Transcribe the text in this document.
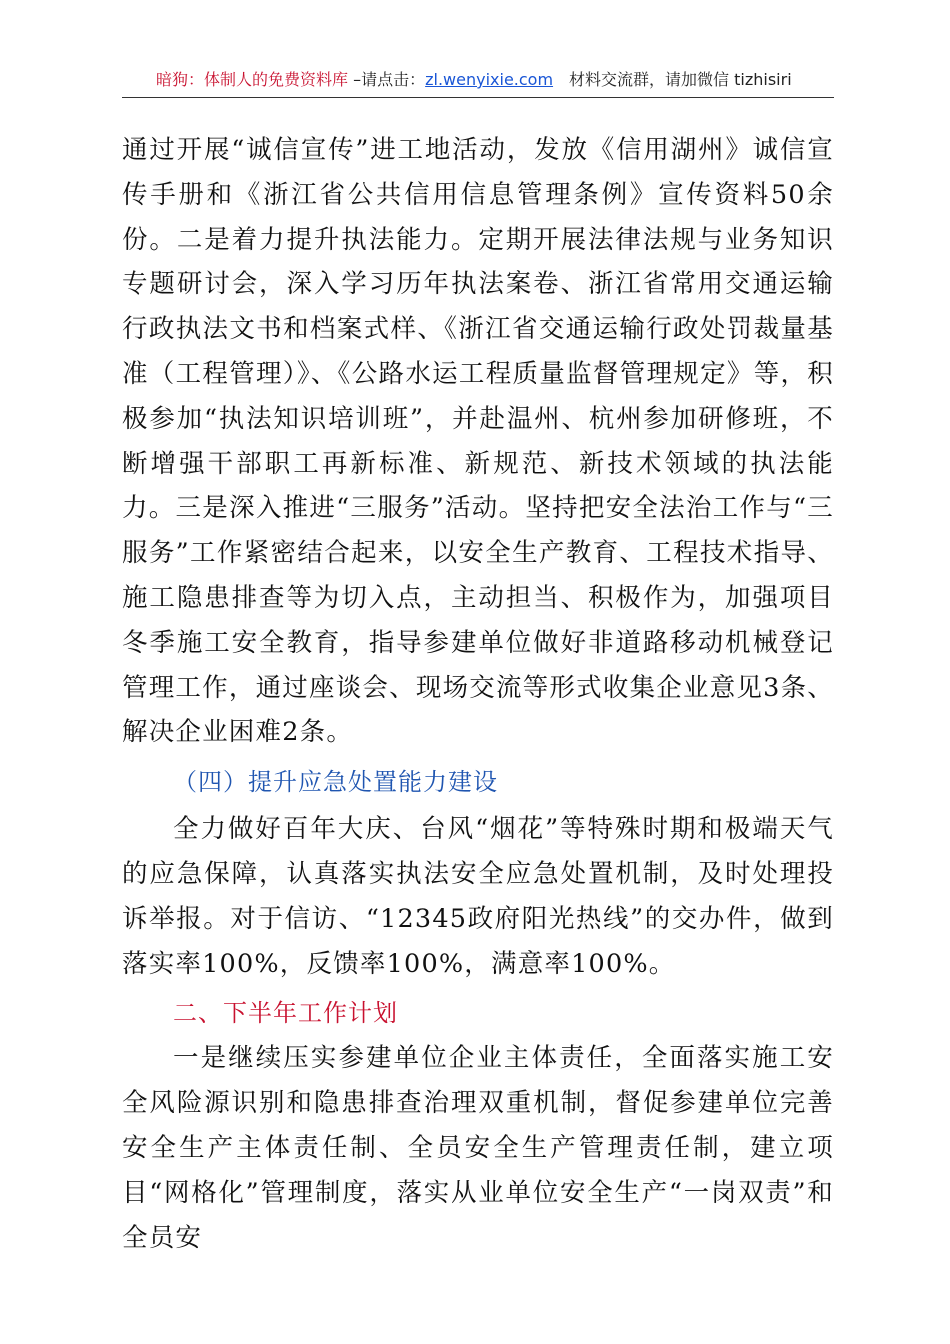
暗狗：体制人的免费资料库 –请点击：zl.wenyixie.com 材料交流群，请加微信 tizhisiri

通过开展“诚信宣传”进工地活动，发放《信用湖州》诚信宣传手册和《浙江省公共信用信息管理条例》宣传资料50余份。二是着力提升执法能力。定期开展法律法规与业务知识专题研讨会，深入学习历年执法案卷、浙江省常用交通运输行政执法文书和档案式样、《浙江省交通运输行政处罚裁量基准（工程管理）》、《公路水运工程质量监督管理规定》等，积极参加“执法知识培训班”，并赴温州、杭州参加研修班，不断增强干部职工再新标准、新规范、新技术领域的执法能力。三是深入推进“三服务”活动。坚持把安全法治工作与“三服务”工作紧密结合起来，以安全生产教育、工程技术指导、施工隐患排查等为切入点，主动担当、积极作为，加强项目冬季施工安全教育，指导参建单位做好非道路移动机械登记管理工作，通过座谈会、现场交流等形式收集企业意见3条、解决企业困难2条。

（四）提升应急处置能力建设

全力做好百年大庆、台风“烟花”等特殊时期和极端天气的应急保障，认真落实执法安全应急处置机制，及时处理投诉举报。对于信访、“12345政府阳光热线”的交办件，做到落实率100%，反馈率100%，满意率100%。

二、下半年工作计划

一是继续压实参建单位企业主体责任，全面落实施工安全风险源识别和隐患排查治理双重机制，督促参建单位完善安全生产主体责任制、全员安全生产管理责任制，建立项目“网格化”管理制度，落实从业单位安全生产“一岗双责”和全员安
